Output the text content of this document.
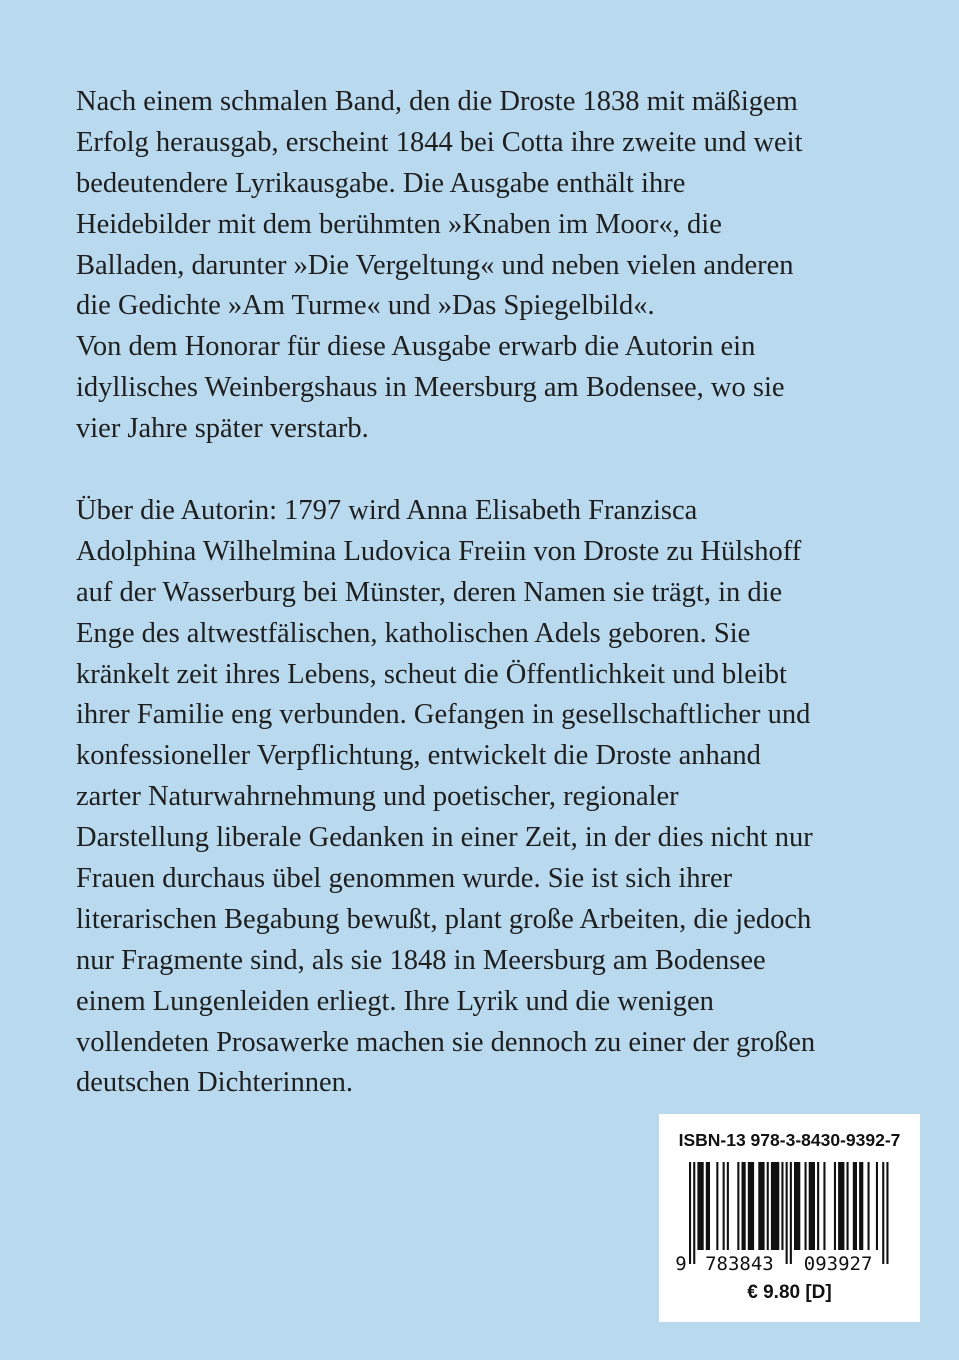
Nach einem schmalen Band, den die Droste 1838 mit mäßigem
Erfolg herausgab, erscheint 1844 bei Cotta ihre zweite und weit
bedeutendere Lyrikausgabe. Die Ausgabe enthält ihre
Heidebilder mit dem berühmten »Knaben im Moor«, die
Balladen, darunter »Die Vergeltung« und neben vielen anderen
die Gedichte »Am Turme« und »Das Spiegelbild«.
Von dem Honorar für diese Ausgabe erwarb die Autorin ein
idyllisches Weinbergshaus in Meersburg am Bodensee, wo sie
vier Jahre später verstarb.
Über die Autorin: 1797 wird Anna Elisabeth Franzisca
Adolphina Wilhelmina Ludovica Freiin von Droste zu Hülshoff
auf der Wasserburg bei Münster, deren Namen sie trägt, in die
Enge des altwestfälischen, katholischen Adels geboren. Sie
kränkelt zeit ihres Lebens, scheut die Öffentlichkeit und bleibt
ihrer Familie eng verbunden. Gefangen in gesellschaftlicher und
konfessioneller Verpflichtung, entwickelt die Droste anhand
zarter Naturwahrnehmung und poetischer, regionaler
Darstellung liberale Gedanken in einer Zeit, in der dies nicht nur
Frauen durchaus übel genommen wurde. Sie ist sich ihrer
literarischen Begabung bewußt, plant große Arbeiten, die jedoch
nur Fragmente sind, als sie 1848 in Meersburg am Bodensee
einem Lungenleiden erliegt. Ihre Lyrik und die wenigen
vollendeten Prosawerke machen sie dennoch zu einer der großen
deutschen Dichterinnen.
ISBN-13 978-3-8430-9392-7
9 783843 093927
€ 9.80 [D]
